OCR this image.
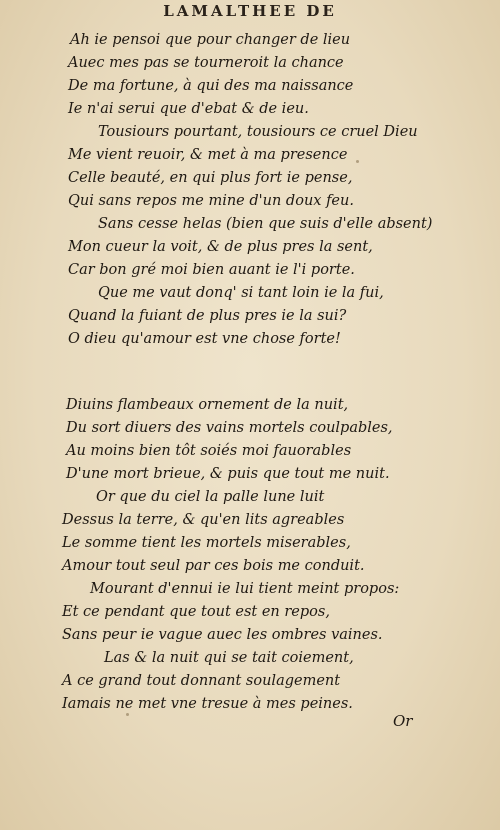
LAMALTHEE DE
Ah ie pensoi que pour changer de lieu
Auec mes pas se tourneroit la chance
De ma fortune, à qui des ma naissance
Ie n'ai serui que d'ebat & de ieu.
Tousiours pourtant, tousiours ce cruel Dieu
Me vient reuoir, & met à ma presence
Celle beauté, en qui plus fort ie pense,
Qui sans repos me mine d'un doux feu.
Sans cesse helas (bien que suis d'elle absent)
Mon cueur la voit, & de plus pres la sent,
Car bon gré moi bien auant ie l'i porte.
Que me vaut donq' si tant loin ie la fui,
Quand la fuiant de plus pres ie la sui?
O dieu qu'amour est vne chose forte!
Diuins flambeaux ornement de la nuit,
Du sort diuers des vains mortels coulpables,
Au moins bien tôt soiés moi fauorables
D'une mort brieue, & puis que tout me nuit.
Or que du ciel la palle lune luit
Dessus la terre, & qu'en lits agreables
Le somme tient les mortels miserables,
Amour tout seul par ces bois me conduit.
Mourant d'ennui ie lui tient meint propos:
Et ce pendant que tout est en repos,
Sans peur ie vague auec les ombres vaines.
Las & la nuit qui se tait coiement,
A ce grand tout donnant soulagement
Iamais ne met vne tresue à mes peines.
Or
